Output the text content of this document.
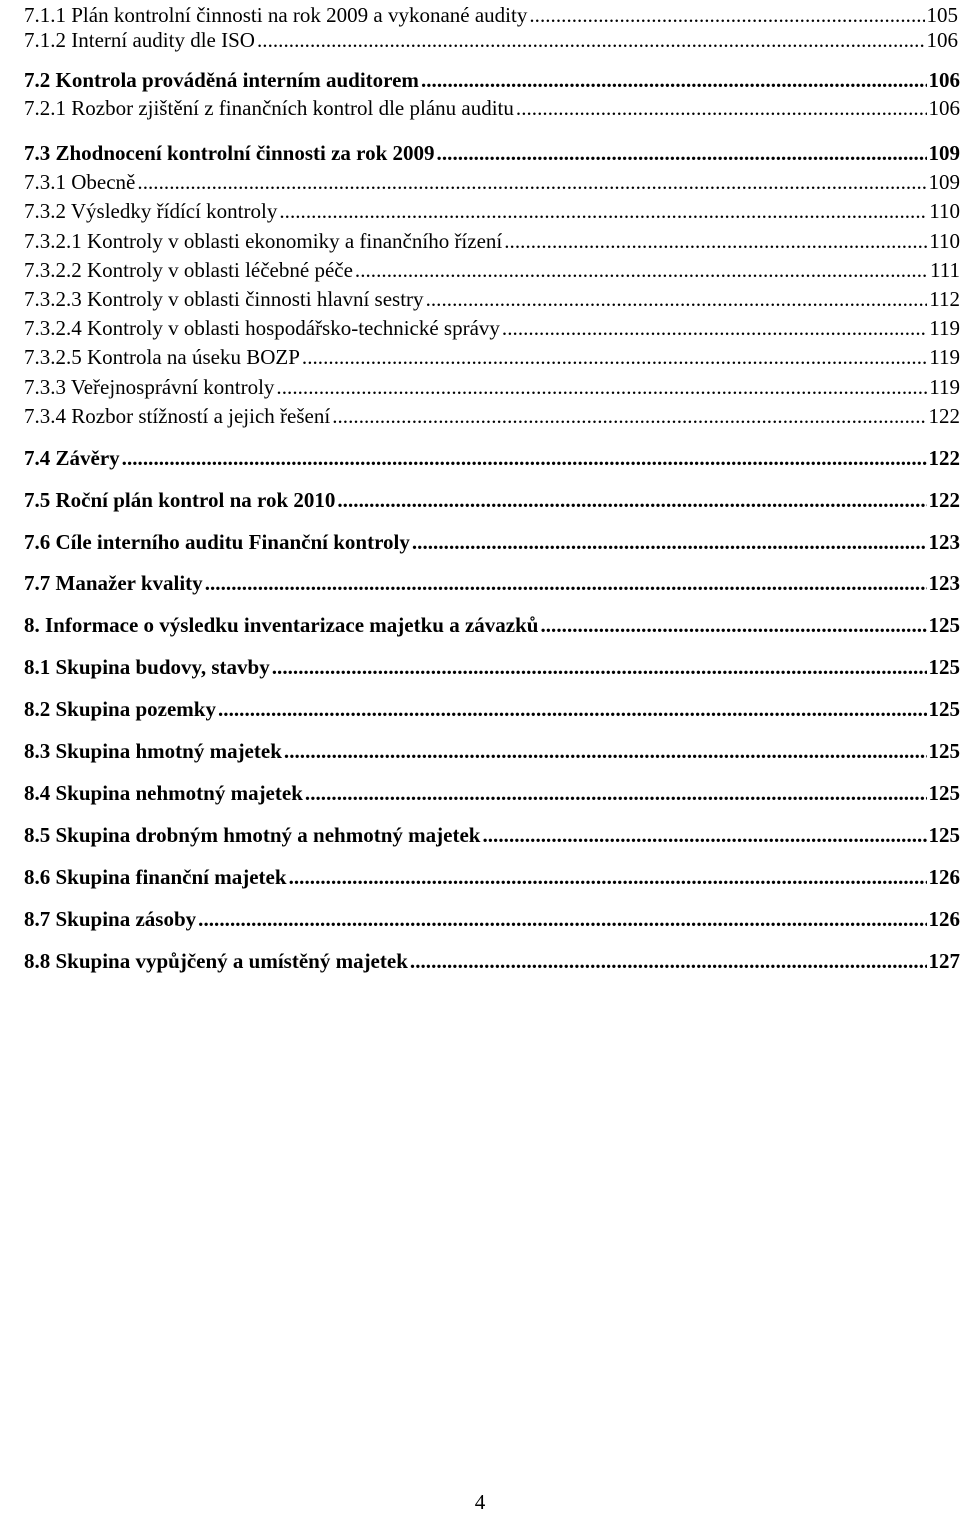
7.1.1 Plán kontrolní činnosti na rok 2009 a vykonané audity . . .	105
7.1.2 Interní audity dle ISO . . .	106
7.2 Kontrola prováděná interním auditorem . . .	106
7.2.1 Rozbor zjištění z finančních kontrol dle plánu auditu . . .	106
7.3 Zhodnocení kontrolní činnosti za rok 2009 . . .	109
7.3.1 Obecně . . .	109
7.3.2 Výsledky řídící kontroly . . .	110
7.3.2.1 Kontroly v oblasti ekonomiky a finančního řízení . . .	110
7.3.2.2 Kontroly v oblasti léčebné péče . . .	111
7.3.2.3 Kontroly v oblasti činnosti hlavní sestry . . .	112
7.3.2.4 Kontroly v oblasti hospodářsko-technické správy . . .	119
7.3.2.5 Kontrola na úseku BOZP . . .	119
7.3.3 Veřejnosprávní kontroly . . .	119
7.3.4 Rozbor stížností a jejich řešení . . .	122
7.4 Závěry . . .	122
7.5 Roční plán kontrol na rok 2010 . . .	122
7.6 Cíle interního auditu Finanční kontroly . . .	123
7.7 Manažer kvality . . .	123
8. Informace o výsledku inventarizace majetku a závazků . . .	125
8.1 Skupina budovy, stavby . . .	125
8.2 Skupina pozemky . . .	125
8.3 Skupina hmotný majetek . . .	125
8.4 Skupina nehmotný majetek . . .	125
8.5 Skupina drobným hmotný a nehmotný majetek . . .	125
8.6 Skupina finanční majetek . . .	126
8.7 Skupina zásoby . . .	126
8.8 Skupina vypůjčený a umístěný majetek . . .	127
4
